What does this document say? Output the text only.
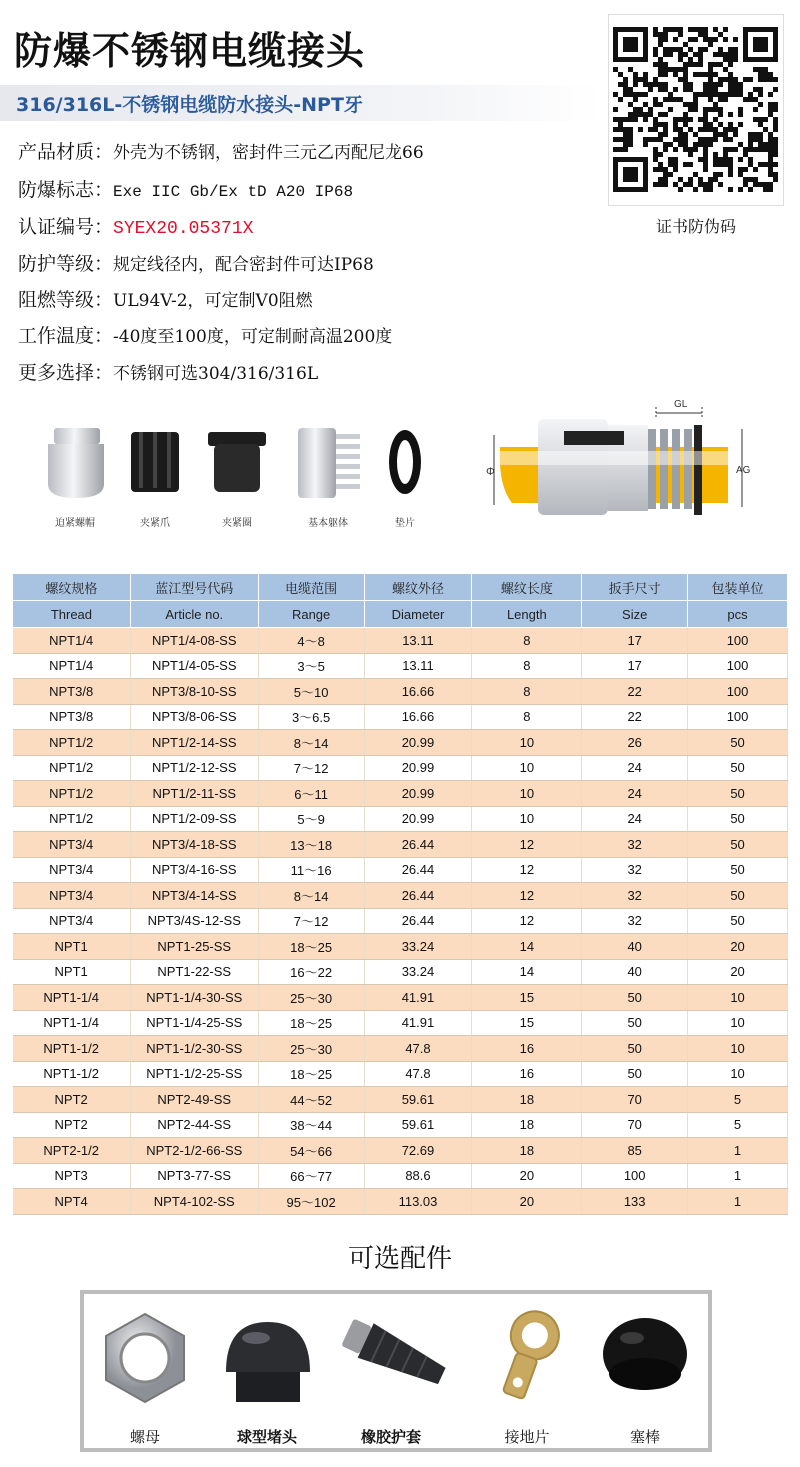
防爆不锈钢电缆接头
316/316L-不锈钢电缆防水接头-NPT牙
产品材质：外壳为不锈钢，密封件三元乙丙配尼龙66
防爆标志：Exe IIC Gb/Ex tD A20 IP68
认证编号：SYEX20.05371X
防护等级：规定线径内，配合密封件可达IP68
阻燃等级：UL94V-2，可定制V0阻燃
工作温度：-40度至100度，可定制耐高温200度
更多选择：不锈钢可选304/316/316L
证书防伪码
迫紧螺帽	夹紧爪	夹紧圈	基本躯体	垫片
GL
AG
Φ
螺纹规格	蓝江型号代码	电缆范围	螺纹外径	螺纹长度	扳手尺寸	包装单位
Thread	Article no.	Range	Diameter	Length	Size	pcs
NPT1/4	NPT1/4-08-SS	4～8	13.11	8	17	100
NPT1/4	NPT1/4-05-SS	3～5	13.11	8	17	100
NPT3/8	NPT3/8-10-SS	5～10	16.66	8	22	100
NPT3/8	NPT3/8-06-SS	3～6.5	16.66	8	22	100
NPT1/2	NPT1/2-14-SS	8～14	20.99	10	26	50
NPT1/2	NPT1/2-12-SS	7～12	20.99	10	24	50
NPT1/2	NPT1/2-11-SS	6～11	20.99	10	24	50
NPT1/2	NPT1/2-09-SS	5～9	20.99	10	24	50
NPT3/4	NPT3/4-18-SS	13～18	26.44	12	32	50
NPT3/4	NPT3/4-16-SS	11～16	26.44	12	32	50
NPT3/4	NPT3/4-14-SS	8～14	26.44	12	32	50
NPT3/4	NPT3/4S-12-SS	7～12	26.44	12	32	50
NPT1	NPT1-25-SS	18～25	33.24	14	40	20
NPT1	NPT1-22-SS	16～22	33.24	14	40	20
NPT1-1/4	NPT1-1/4-30-SS	25～30	41.91	15	50	10
NPT1-1/4	NPT1-1/4-25-SS	18～25	41.91	15	50	10
NPT1-1/2	NPT1-1/2-30-SS	25～30	47.8	16	50	10
NPT1-1/2	NPT1-1/2-25-SS	18～25	47.8	16	50	10
NPT2	NPT2-49-SS	44～52	59.61	18	70	5
NPT2	NPT2-44-SS	38～44	59.61	18	70	5
NPT2-1/2	NPT2-1/2-66-SS	54～66	72.69	18	85	1
NPT3	NPT3-77-SS	66～77	88.6	20	100	1
NPT4	NPT4-102-SS	95～102	113.03	20	133	1
可选配件
螺母	球型堵头	橡胶护套	接地片	塞棒
